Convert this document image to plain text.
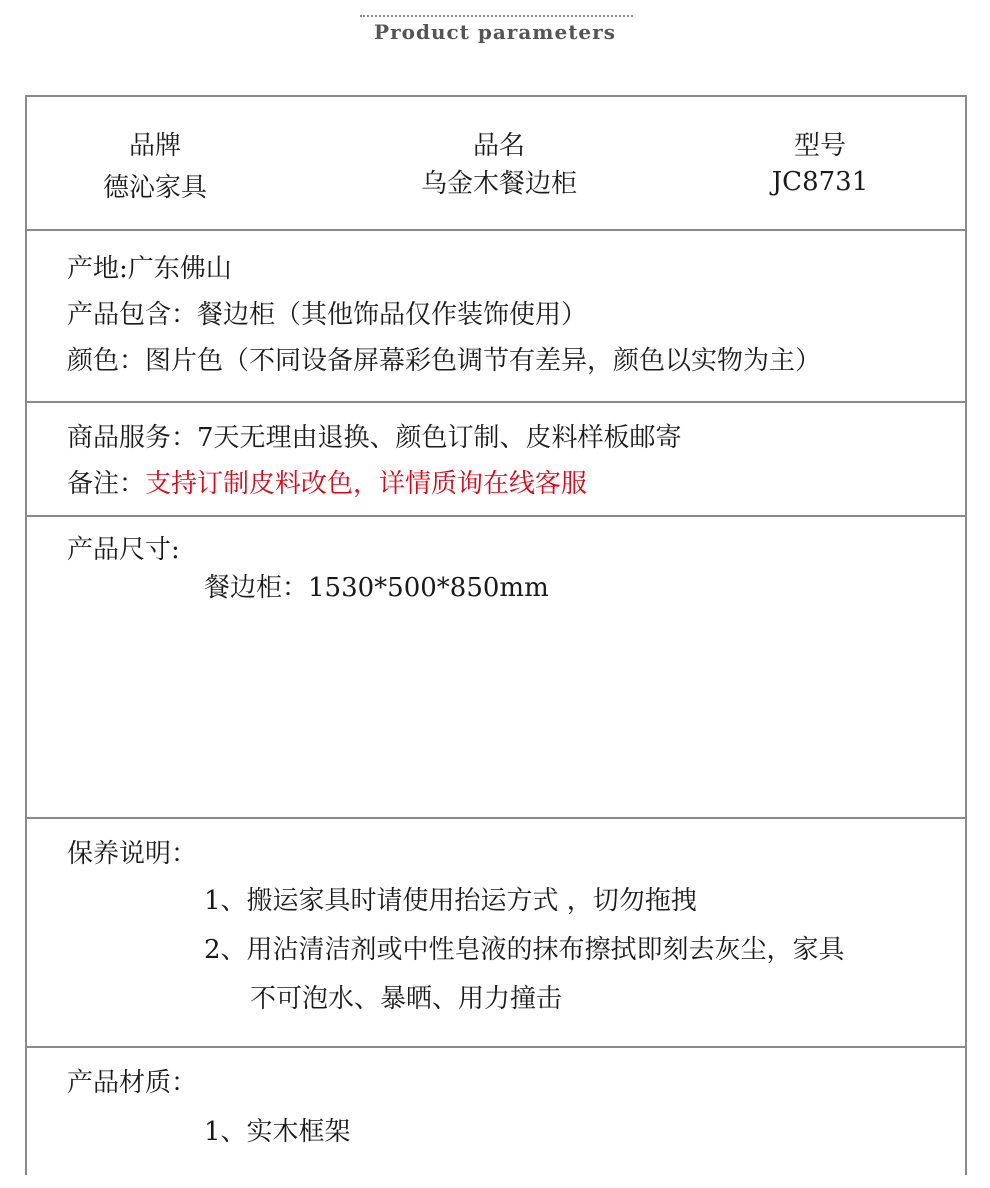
Product parameters
品牌
德沁家具
品名
乌金木餐边柜
型号
JC8731
产地:广东佛山
产品包含：餐边柜（其他饰品仅作装饰使用）
颜色：图片色（不同设备屏幕彩色调节有差异，颜色以实物为主）
商品服务：7天无理由退换、颜色订制、皮料样板邮寄
备注：支持订制皮料改色，详情质询在线客服
产品尺寸:
餐边柜：1530*500*850mm
保养说明：
1、搬运家具时请使用抬运方式 ，切勿拖拽
2、用沾清洁剂或中性皂液的抹布擦拭即刻去灰尘，家具
不可泡水、暴晒、用力撞击
产品材质：
1、实木框架
